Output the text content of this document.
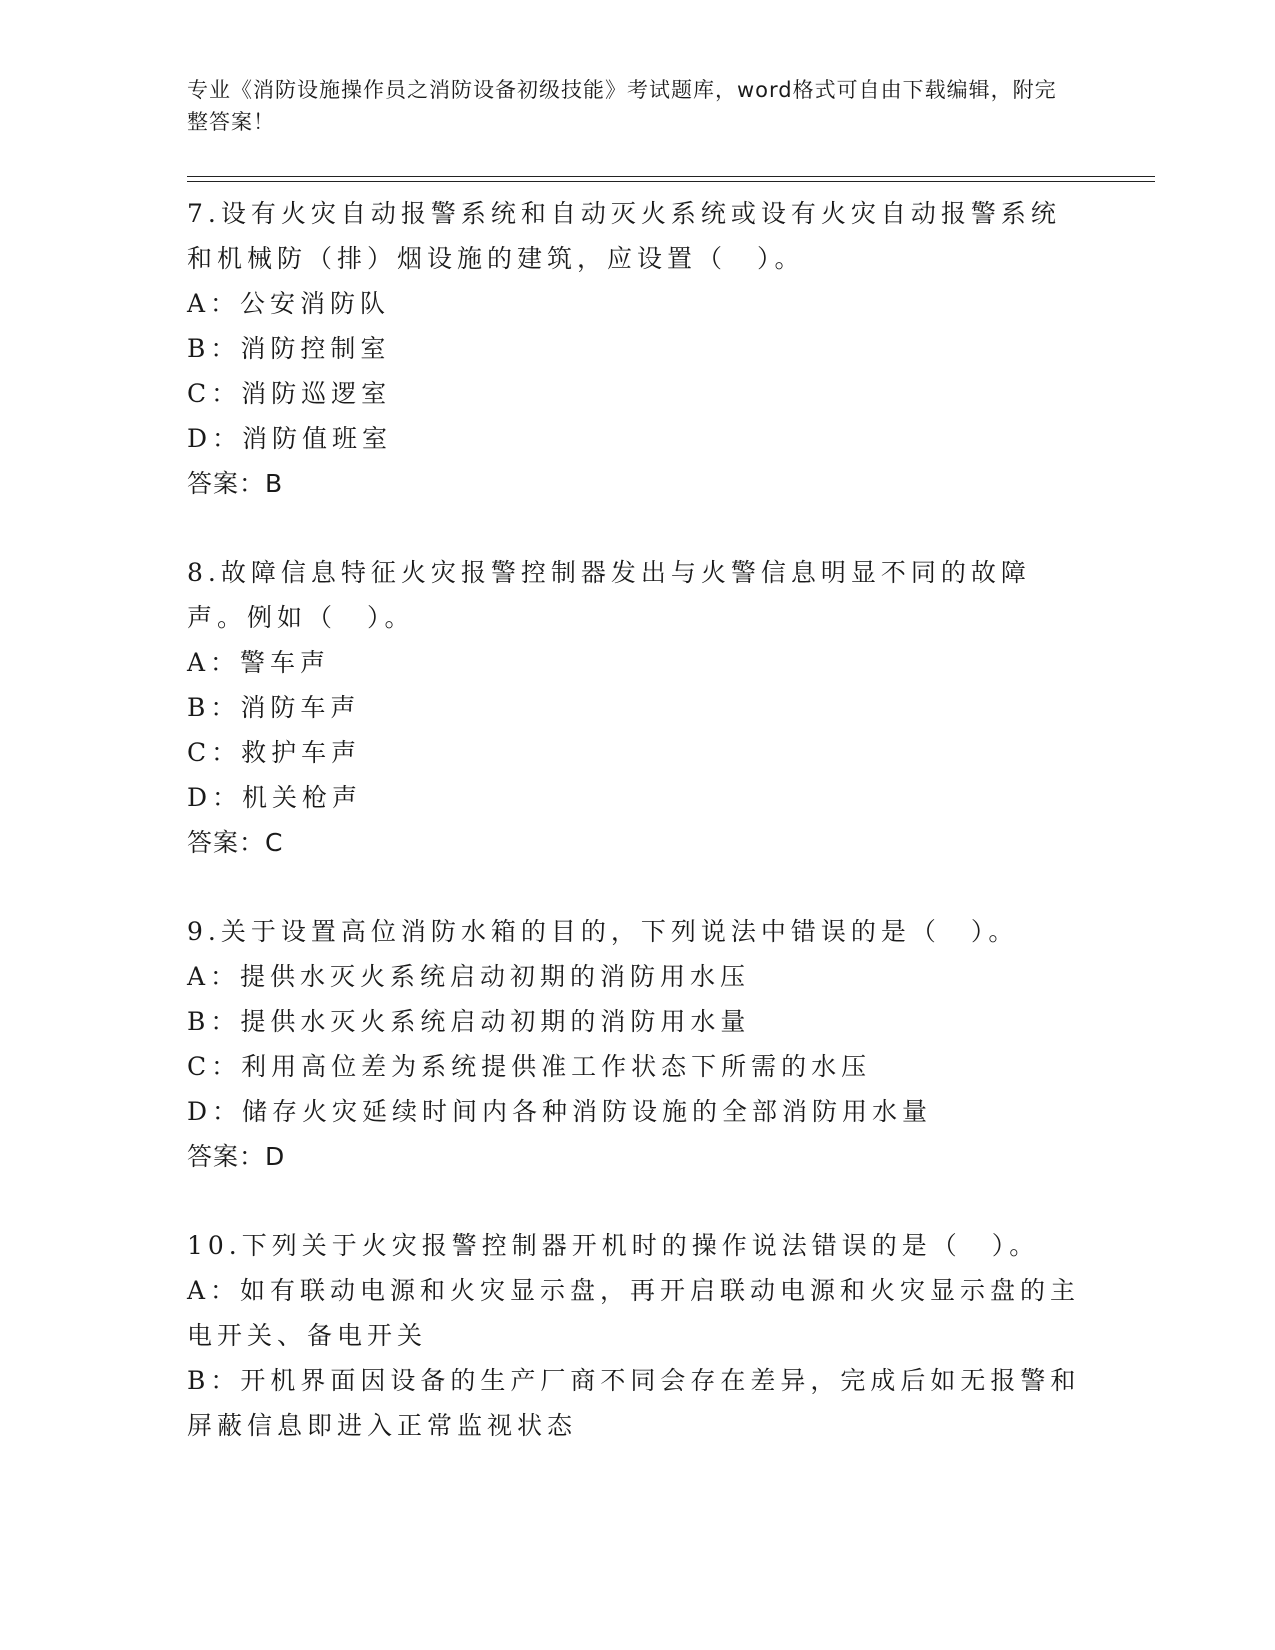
专业《消防设施操作员之消防设备初级技能》考试题库，word格式可自由下载编辑，附完整答案！

7.设有火灾自动报警系统和自动灭火系统或设有火灾自动报警系统和机械防（排）烟设施的建筑，应设置（　）。

A：公安消防队

B：消防控制室

C：消防巡逻室

D：消防值班室

答案：B

8.故障信息特征火灾报警控制器发出与火警信息明显不同的故障声。例如（　）。

A：警车声

B：消防车声

C：救护车声

D：机关枪声

答案：C

9.关于设置高位消防水箱的目的，下列说法中错误的是（　）。

A：提供水灭火系统启动初期的消防用水压

B：提供水灭火系统启动初期的消防用水量

C：利用高位差为系统提供准工作状态下所需的水压

D：储存火灾延续时间内各种消防设施的全部消防用水量

答案：D

10.下列关于火灾报警控制器开机时的操作说法错误的是（　）。

A：如有联动电源和火灾显示盘，再开启联动电源和火灾显示盘的主电开关、备电开关

B：开机界面因设备的生产厂商不同会存在差异，完成后如无报警和屏蔽信息即进入正常监视状态
